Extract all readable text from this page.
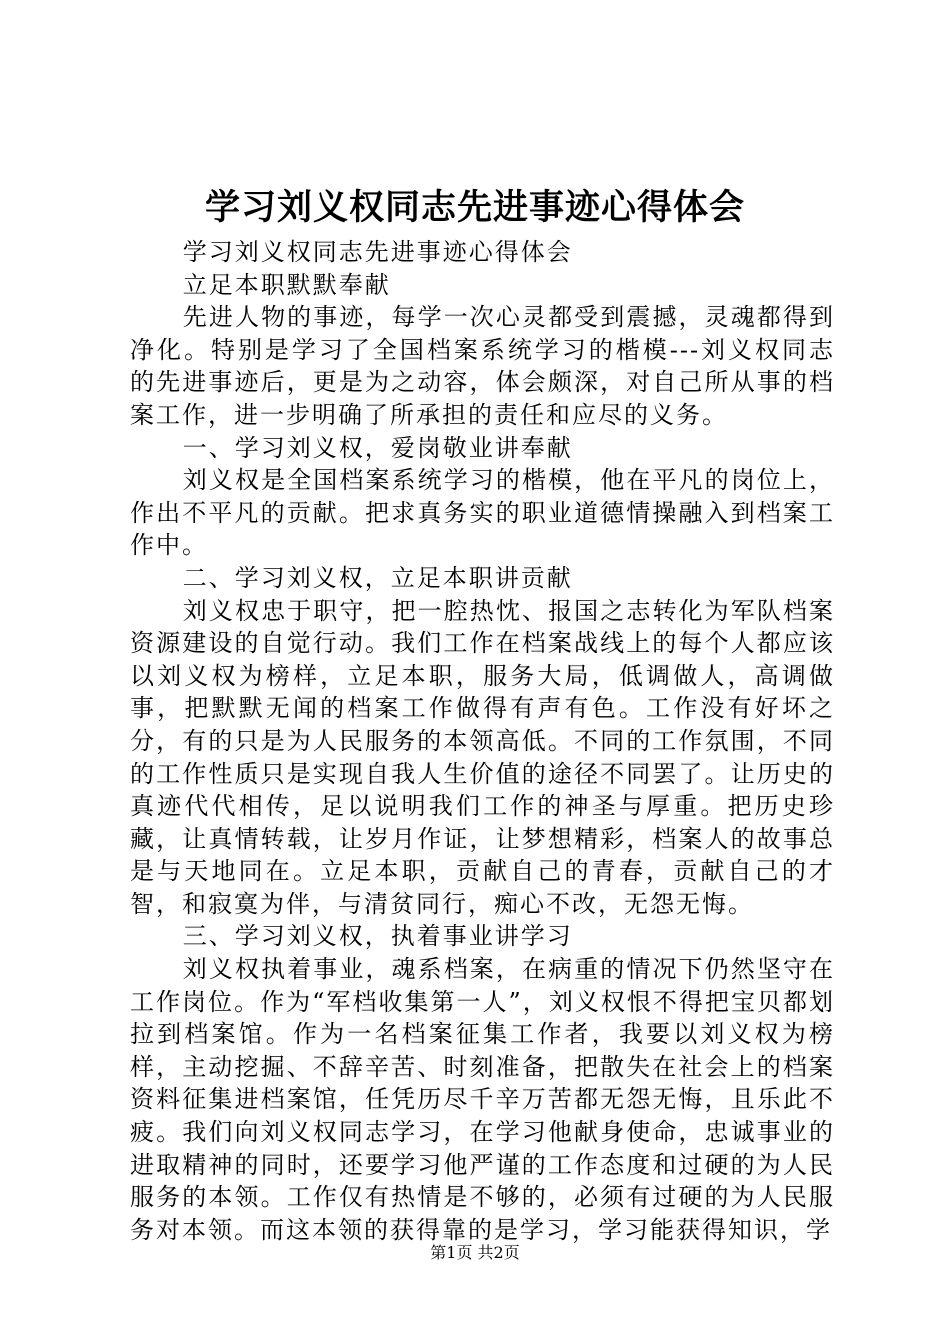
学习刘义权同志先进事迹心得体会

学习刘义权同志先进事迹心得体会

立足本职默默奉献

先进人物的事迹，每学一次心灵都受到震撼，灵魂都得到净化。特别是学习了全国档案系统学习的楷模---刘义权同志的先进事迹后，更是为之动容，体会颇深，对自己所从事的档案工作，进一步明确了所承担的责任和应尽的义务。

一、学习刘义权，爱岗敬业讲奉献

刘义权是全国档案系统学习的楷模，他在平凡的岗位上，作出不平凡的贡献。把求真务实的职业道德情操融入到档案工作中。

二、学习刘义权，立足本职讲贡献

刘义权忠于职守，把一腔热忱、报国之志转化为军队档案资源建设的自觉行动。我们工作在档案战线上的每个人都应该以刘义权为榜样，立足本职，服务大局，低调做人，高调做事，把默默无闻的档案工作做得有声有色。工作没有好坏之分，有的只是为人民服务的本领高低。不同的工作氛围，不同的工作性质只是实现自我人生价值的途径不同罢了。让历史的真迹代代相传，足以说明我们工作的神圣与厚重。把历史珍藏，让真情转载，让岁月作证，让梦想精彩，档案人的故事总是与天地同在。立足本职，贡献自己的青春，贡献自己的才智，和寂寞为伴，与清贫同行，痴心不改，无怨无悔。

三、学习刘义权，执着事业讲学习

刘义权执着事业，魂系档案，在病重的情况下仍然坚守在工作岗位。作为“军档收集第一人”，刘义权恨不得把宝贝都划拉到档案馆。作为一名档案征集工作者，我要以刘义权为榜样，主动挖掘、不辞辛苦、时刻准备，把散失在社会上的档案资料征集进档案馆，任凭历尽千辛万苦都无怨无悔，且乐此不疲。我们向刘义权同志学习，在学习他献身使命，忠诚事业的进取精神的同时，还要学习他严谨的工作态度和过硬的为人民服务的本领。工作仅有热情是不够的，必须有过硬的为人民服务对本领。而这本领的获得靠的是学习，学习能获得知识，学

第1页 共2页
